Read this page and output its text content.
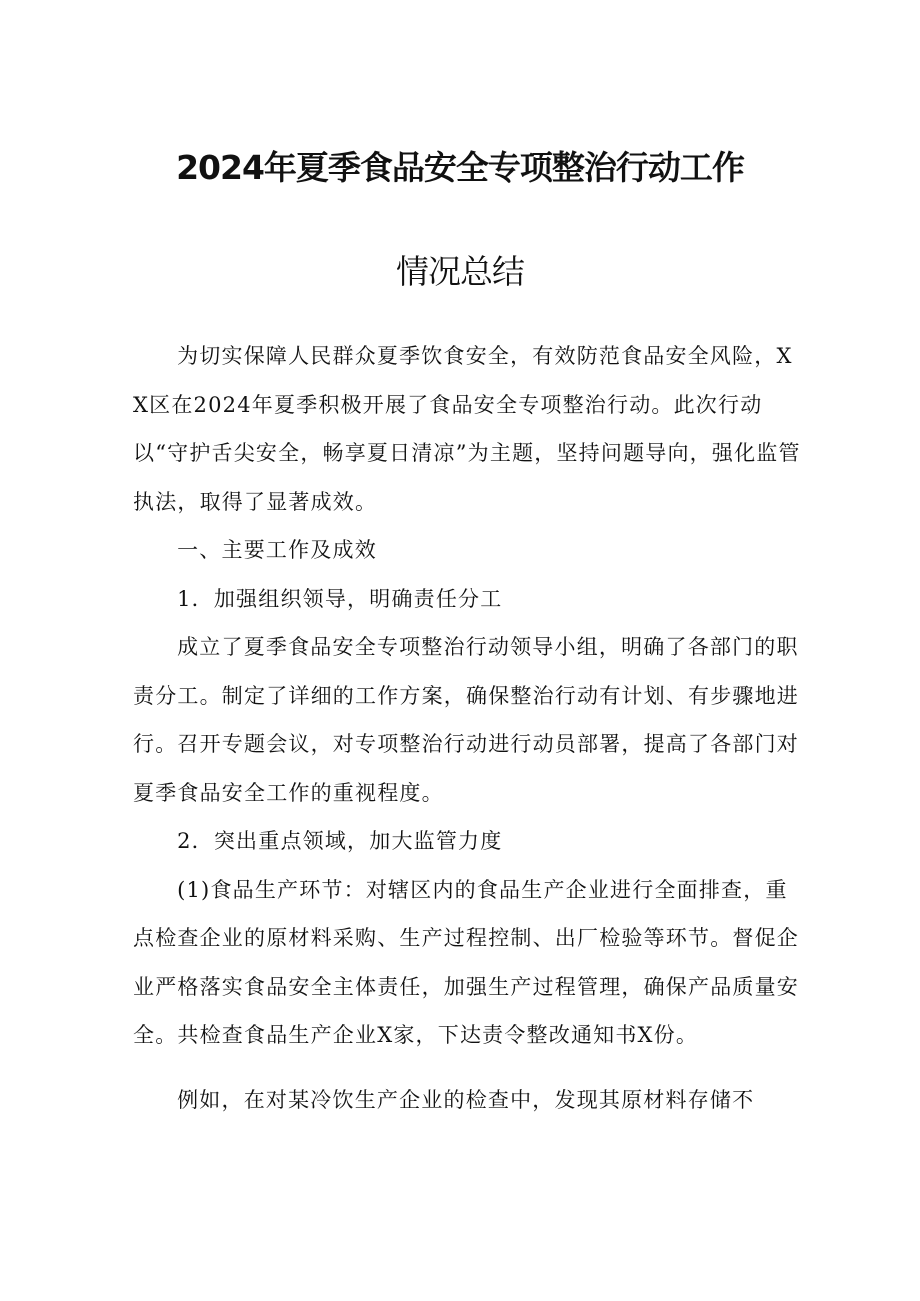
2024年夏季食品安全专项整治行动工作
情况总结

为切实保障人民群众夏季饮食安全，有效防范食品安全风险，XX区在2024年夏季积极开展了食品安全专项整治行动。此次行动以“守护舌尖安全，畅享夏日清凉”为主题，坚持问题导向，强化监管执法，取得了显著成效。

一、主要工作及成效

1．加强组织领导，明确责任分工

成立了夏季食品安全专项整治行动领导小组，明确了各部门的职责分工。制定了详细的工作方案，确保整治行动有计划、有步骤地进行。召开专题会议，对专项整治行动进行动员部署，提高了各部门对夏季食品安全工作的重视程度。

2．突出重点领域，加大监管力度

(1)食品生产环节：对辖区内的食品生产企业进行全面排查，重点检查企业的原材料采购、生产过程控制、出厂检验等环节。督促企业严格落实食品安全主体责任，加强生产过程管理，确保产品质量安全。共检查食品生产企业X家，下达责令整改通知书X份。

例如，在对某冷饮生产企业的检查中，发现其原材料存储不
